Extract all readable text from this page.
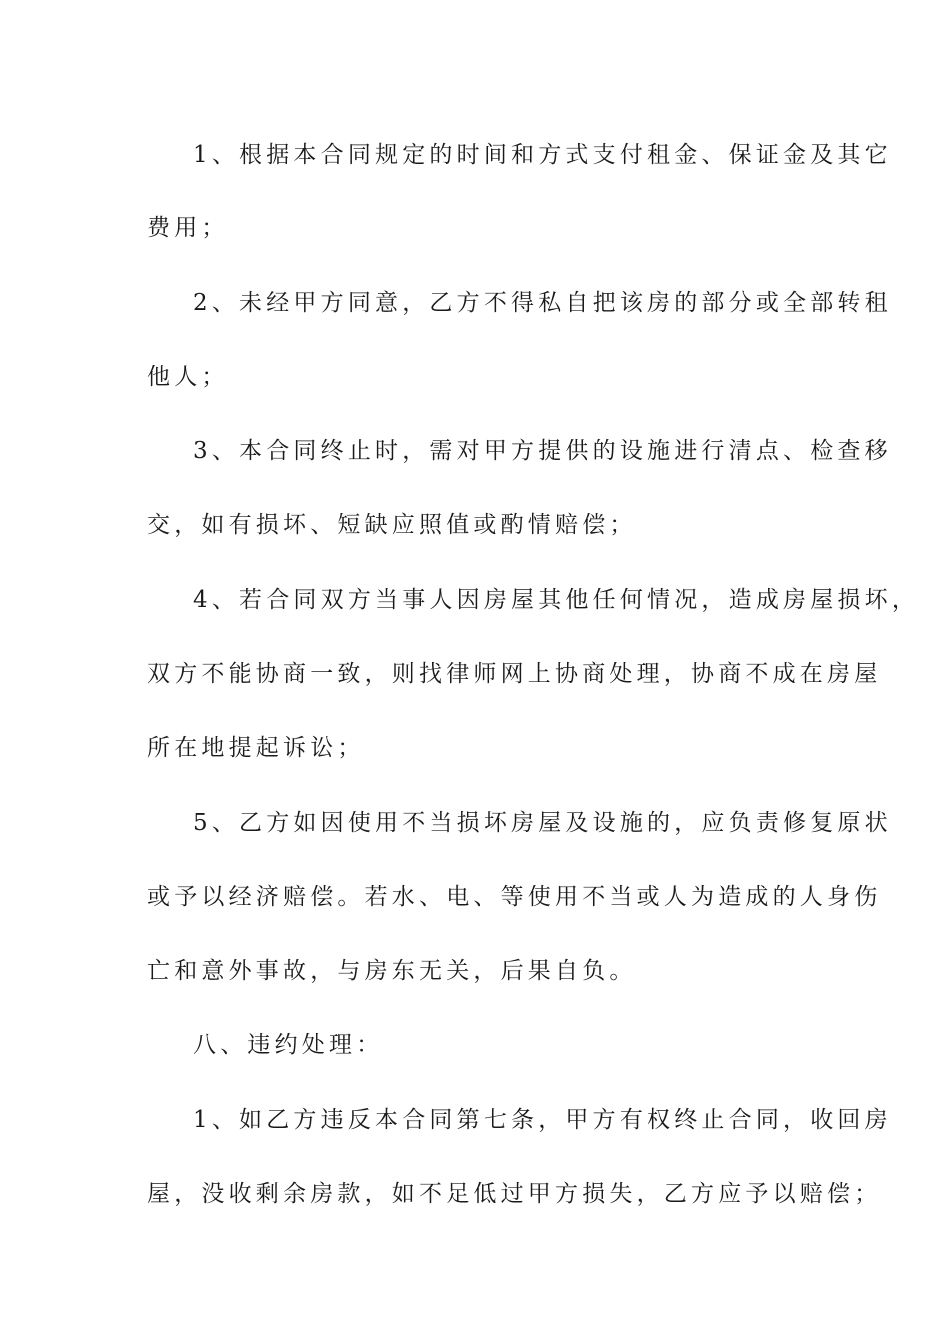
1、根据本合同规定的时间和方式支付租金、保证金及其它
费用；
2、未经甲方同意，乙方不得私自把该房的部分或全部转租
他人；
3、本合同终止时，需对甲方提供的设施进行清点、检查移
交，如有损坏、短缺应照值或酌情赔偿；
4、若合同双方当事人因房屋其他任何情况，造成房屋损坏，
双方不能协商一致，则找律师网上协商处理，协商不成在房屋
所在地提起诉讼；
5、乙方如因使用不当损坏房屋及设施的，应负责修复原状
或予以经济赔偿。若水、电、等使用不当或人为造成的人身伤
亡和意外事故，与房东无关，后果自负。
八、违约处理：
1、如乙方违反本合同第七条，甲方有权终止合同，收回房
屋，没收剩余房款，如不足低过甲方损失，乙方应予以赔偿；
